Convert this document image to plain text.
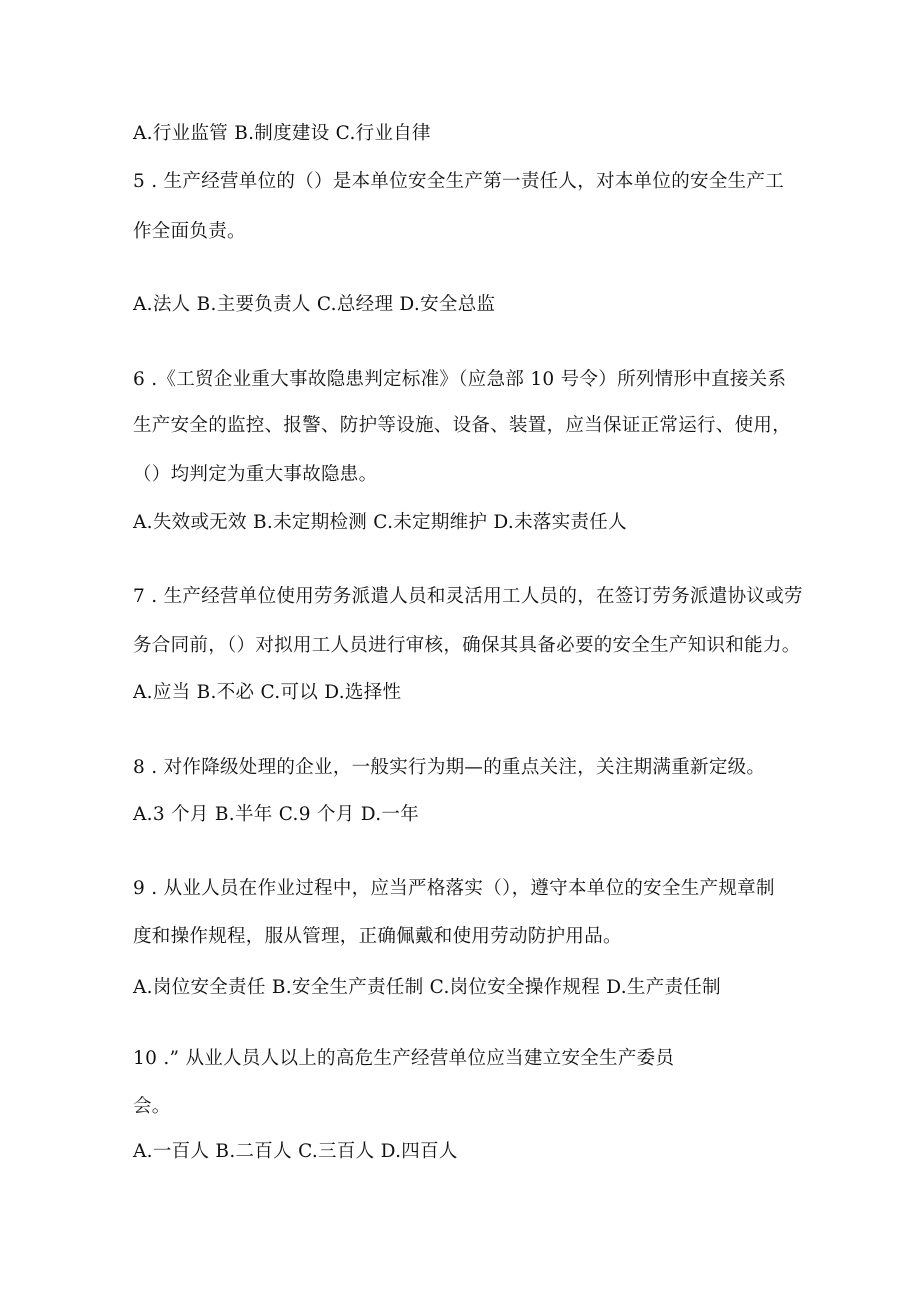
A.行业监管 B.制度建设 C.行业自律
5 . 生产经营单位的（）是本单位安全生产第一责任人，对本单位的安全生产工
作全面负责。
A.法人 B.主要负责人 C.总经理 D.安全总监
6 .《工贸企业重大事故隐患判定标准》（应急部 10 号令）所列情形中直接关系
生产安全的监控、报警、防护等设施、设备、装置，应当保证正常运行、使用，
（）均判定为重大事故隐患。
A.失效或无效 B.未定期检测 C.未定期维护 D.未落实责任人
7 . 生产经营单位使用劳务派遣人员和灵活用工人员的，在签订劳务派遣协议或劳
务合同前，（）对拟用工人员进行审核，确保其具备必要的安全生产知识和能力。
A.应当 B.不必 C.可以 D.选择性
8 . 对作降级处理的企业，一般实行为期—的重点关注，关注期满重新定级。
A.3 个月 B.半年 C.9 个月 D.一年
9 . 从业人员在作业过程中，应当严格落实（），遵守本单位的安全生产规章制
度和操作规程，服从管理，正确佩戴和使用劳动防护用品。
A.岗位安全责任 B.安全生产责任制 C.岗位安全操作规程 D.生产责任制
10 .” 从业人员人以上的高危生产经营单位应当建立安全生产委员
会。
A.一百人 B.二百人 C.三百人 D.四百人
